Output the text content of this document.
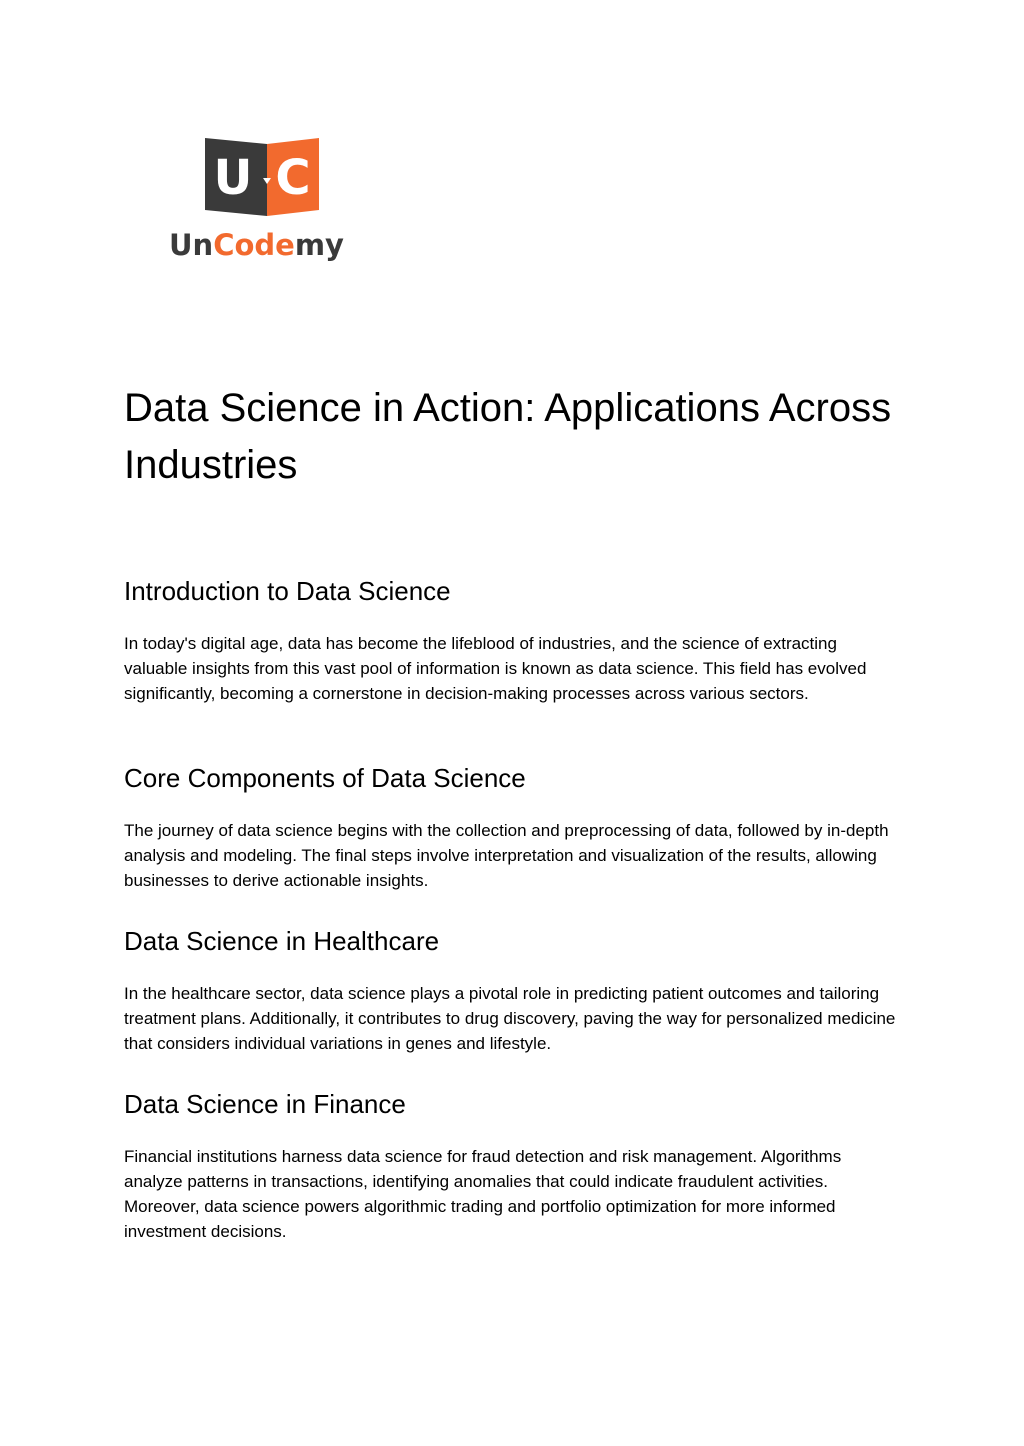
U C
UnCodemy
Data Science in Action: Applications Across Industries
Introduction to Data Science

In today's digital age, data has become the lifeblood of industries, and the science of extracting valuable insights from this vast pool of information is known as data science. This field has evolved significantly, becoming a cornerstone in decision-making processes across various sectors.

Core Components of Data Science

The journey of data science begins with the collection and preprocessing of data, followed by in-depth analysis and modeling. The final steps involve interpretation and visualization of the results, allowing businesses to derive actionable insights.

Data Science in Healthcare

In the healthcare sector, data science plays a pivotal role in predicting patient outcomes and tailoring treatment plans. Additionally, it contributes to drug discovery, paving the way for personalized medicine that considers individual variations in genes and lifestyle.

Data Science in Finance

Financial institutions harness data science for fraud detection and risk management. Algorithms analyze patterns in transactions, identifying anomalies that could indicate fraudulent activities. Moreover, data science powers algorithmic trading and portfolio optimization for more informed investment decisions.
